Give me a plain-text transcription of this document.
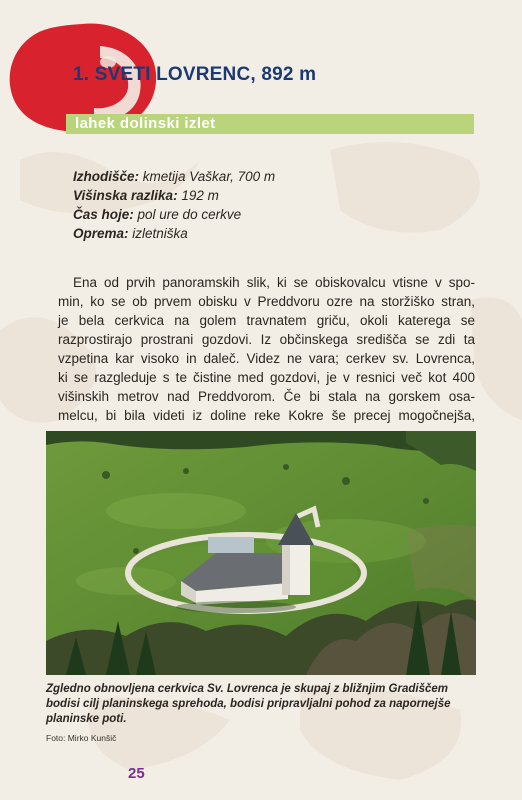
1. SVETI LOVRENC, 892 m
lahek dolinski izlet
Izhodišče: kmetija Vaškar, 700 m
Višinska razlika: 192 m
Čas hoje: pol ure do cerkve
Oprema: izletniška
Ena od prvih panoramskih slik, ki se obiskovalcu vtisne v spo-
min, ko se ob prvem obisku v Preddvoru ozre na storžiško stran,
je bela cerkvica na golem travnatem griču, okoli katerega se
razprostirajo prostrani gozdovi. Iz občinskega središča se zdi ta
vzpetina kar visoko in daleč. Videz ne vara; cerkev sv. Lovrenca,
ki se razgleduje s te čistine med gozdovi, je v resnici več kot 400
višinskih metrov nad Preddvorom. Če bi stala na gorskem osa-
melcu, bi bila videti iz doline reke Kokre še precej mogočnejša,
Zgledno obnovljena cerkvica Sv. Lovrenca je skupaj z bližnjim Gradiščem
bodisi cilj planinskega sprehoda, bodisi pripravljalni pohod za napornejše
planinske poti.
Foto: Mirko Kunšič
25
